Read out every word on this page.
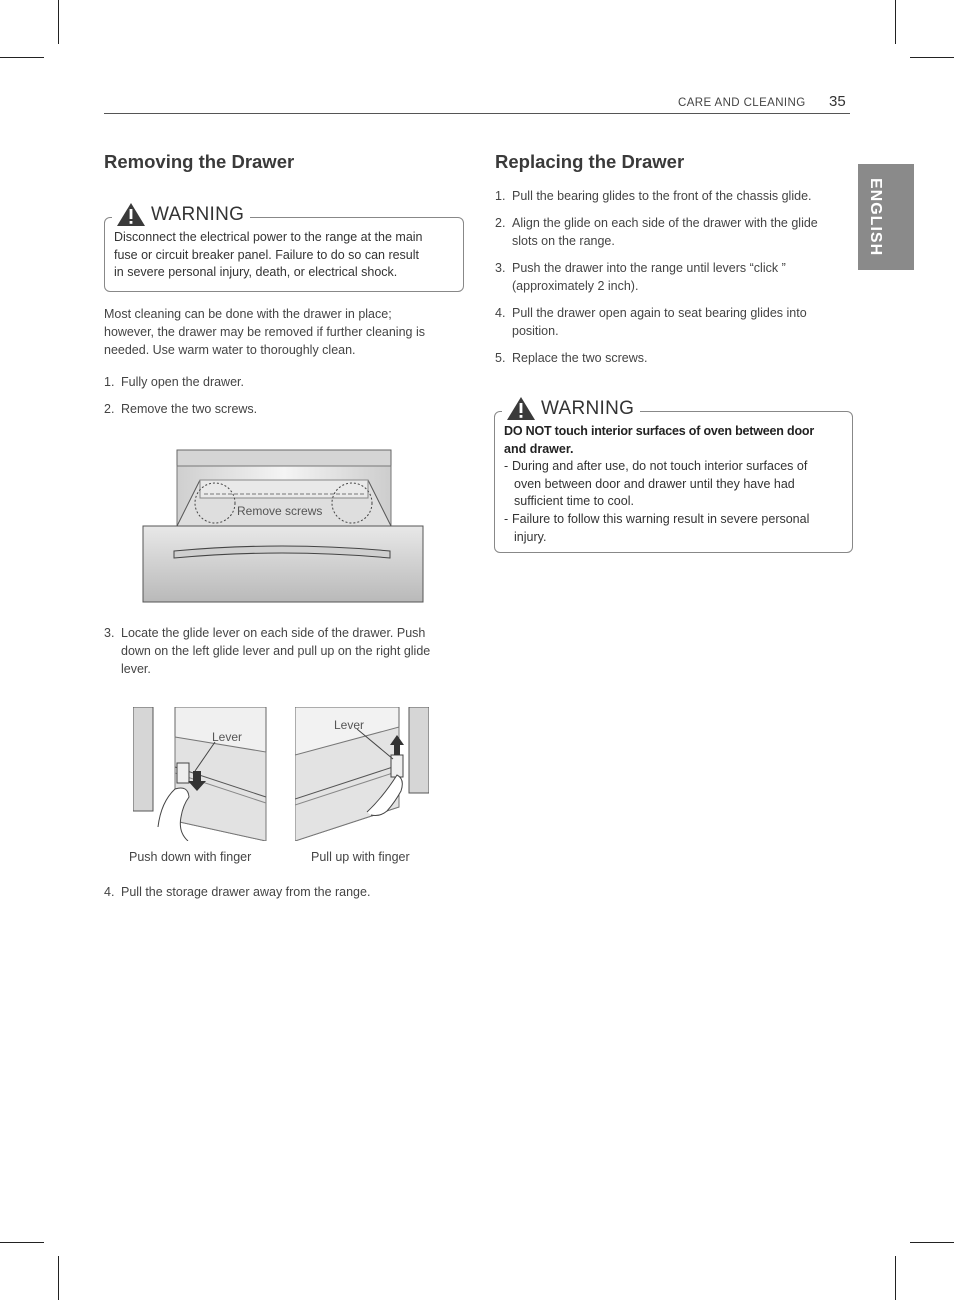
CARE AND CLEANING 35
ENGLISH
Removing the Drawer
WARNING
Disconnect the electrical power to the range at the main
fuse or circuit breaker panel. Failure to do so can result
in severe personal injury, death, or electrical shock.
Most cleaning can be done with the drawer in place;
however, the drawer may be removed if further cleaning is
needed. Use warm water to thoroughly clean.
1. Fully open the drawer.
2. Remove the two screws.
Remove screws
3. Locate the glide lever on each side of the drawer. Push
down on the left glide lever and pull up on the right glide
lever.
Lever
Lever
Push down with finger	Pull up with finger
4. Pull the storage drawer away from the range.
Replacing the Drawer
1. Pull the bearing glides to the front of the chassis glide.
2. Align the glide on each side of the drawer with the glide
slots on the range.
3. Push the drawer into the range until levers “click ”
(approximately 2 inch).
4. Pull the drawer open again to seat bearing glides into
position.
5. Replace the two screws.
WARNING
DO NOT touch interior surfaces of oven between door
and drawer.
- During and after use, do not touch interior surfaces of
oven between door and drawer until they have had
sufficient time to cool.
- Failure to follow this warning result in severe personal
injury.
